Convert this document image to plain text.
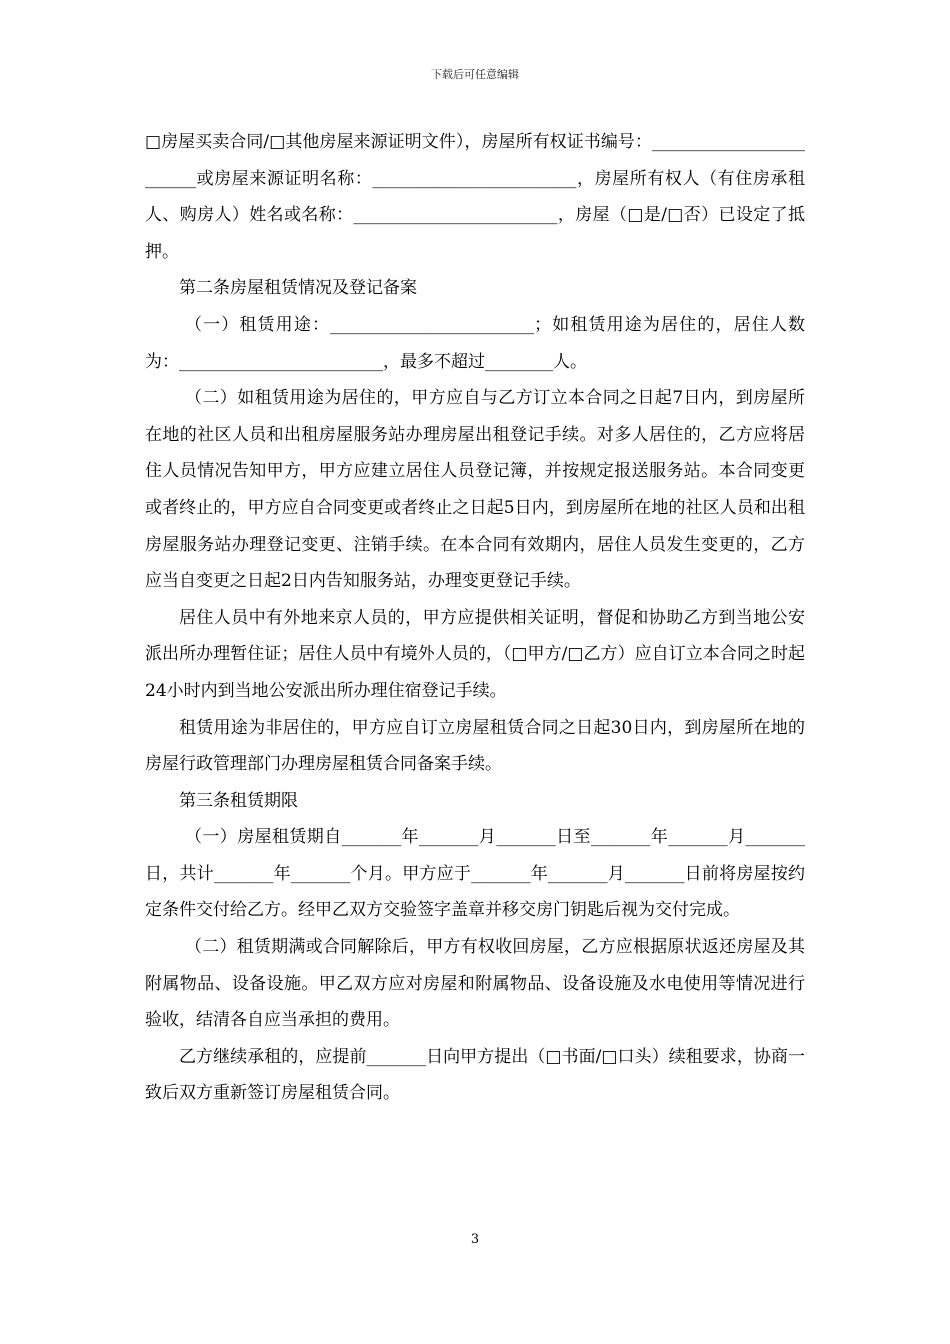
下载后可任意编辑

□房屋买卖合同/□其他房屋来源证明文件），房屋所有权证书编号：________________________或房屋来源证明名称：________________________，房屋所有权人（有住房承租人、购房人）姓名或名称：________________________，房屋（□是/□否）已设定了抵押。

第二条房屋租赁情况及登记备案

（一）租赁用途：________________________；如租赁用途为居住的，居住人数为：________________________，最多不超过________人。

（二）如租赁用途为居住的，甲方应自与乙方订立本合同之日起7日内，到房屋所在地的社区人员和出租房屋服务站办理房屋出租登记手续。对多人居住的，乙方应将居住人员情况告知甲方，甲方应建立居住人员登记簿，并按规定报送服务站。本合同变更或者终止的，甲方应自合同变更或者终止之日起5日内，到房屋所在地的社区人员和出租房屋服务站办理登记变更、注销手续。在本合同有效期内，居住人员发生变更的，乙方应当自变更之日起2日内告知服务站，办理变更登记手续。

居住人员中有外地来京人员的，甲方应提供相关证明，督促和协助乙方到当地公安派出所办理暂住证；居住人员中有境外人员的，（□甲方/□乙方）应自订立本合同之时起24小时内到当地公安派出所办理住宿登记手续。

租赁用途为非居住的，甲方应自订立房屋租赁合同之日起30日内，到房屋所在地的房屋行政管理部门办理房屋租赁合同备案手续。

第三条租赁期限

（一）房屋租赁期自_______年_______月_______日至_______年_______月_______日，共计_______年_______个月。甲方应于_______年_______月_______日前将房屋按约定条件交付给乙方。经甲乙双方交验签字盖章并移交房门钥匙后视为交付完成。

（二）租赁期满或合同解除后，甲方有权收回房屋，乙方应根据原状返还房屋及其附属物品、设备设施。甲乙双方应对房屋和附属物品、设备设施及水电使用等情况进行验收，结清各自应当承担的费用。

乙方继续承租的，应提前_______日向甲方提出（□书面/□口头）续租要求，协商一致后双方重新签订房屋租赁合同。

3
